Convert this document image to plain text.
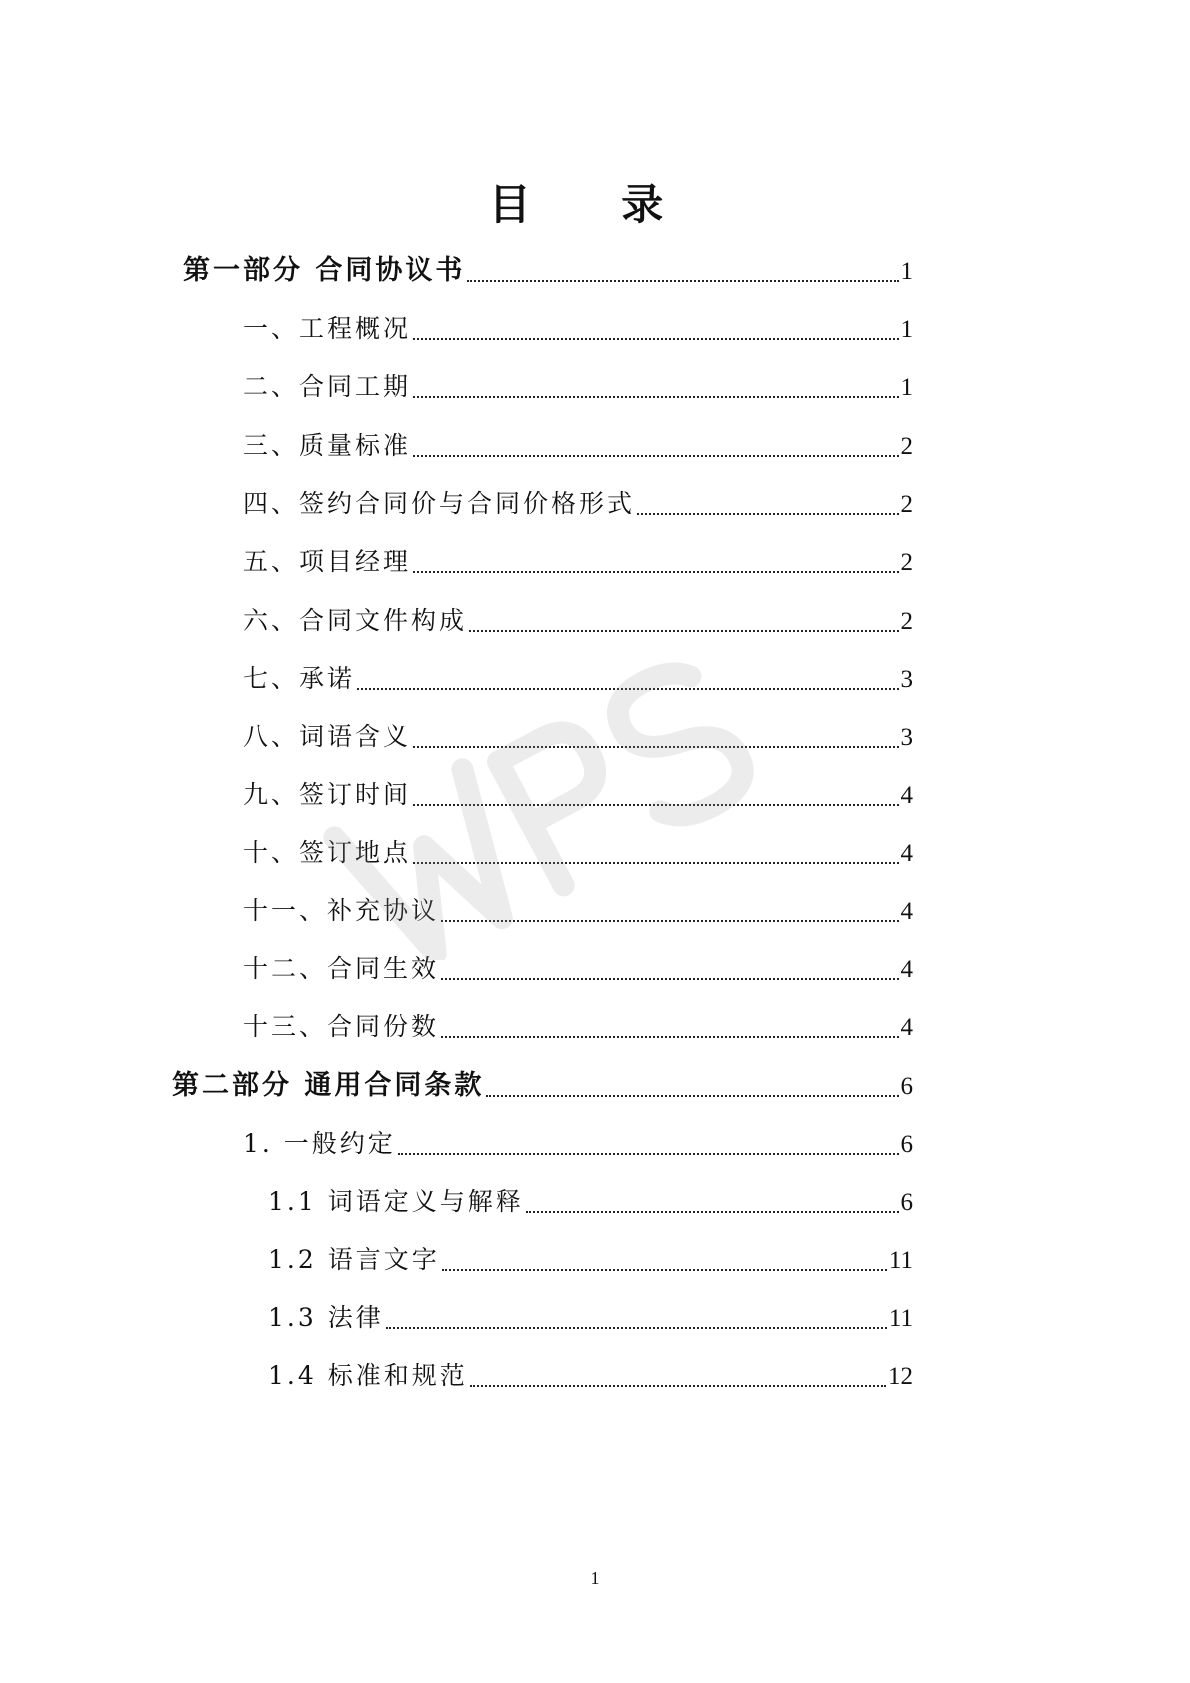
目 录
第一部分 合同协议书	1
一、工程概况	1
二、合同工期	1
三、质量标准	2
四、签约合同价与合同价格形式	2
五、项目经理	2
六、合同文件构成	2
七、承诺	3
八、词语含义	3
九、签订时间	4
十、签订地点	4
十一、补充协议	4
十二、合同生效	4
十三、合同份数	4
第二部分 通用合同条款	6
1. 一般约定	6
1.1 词语定义与解释	6
1.2 语言文字	11
1.3 法律	11
1.4 标准和规范	12
1
